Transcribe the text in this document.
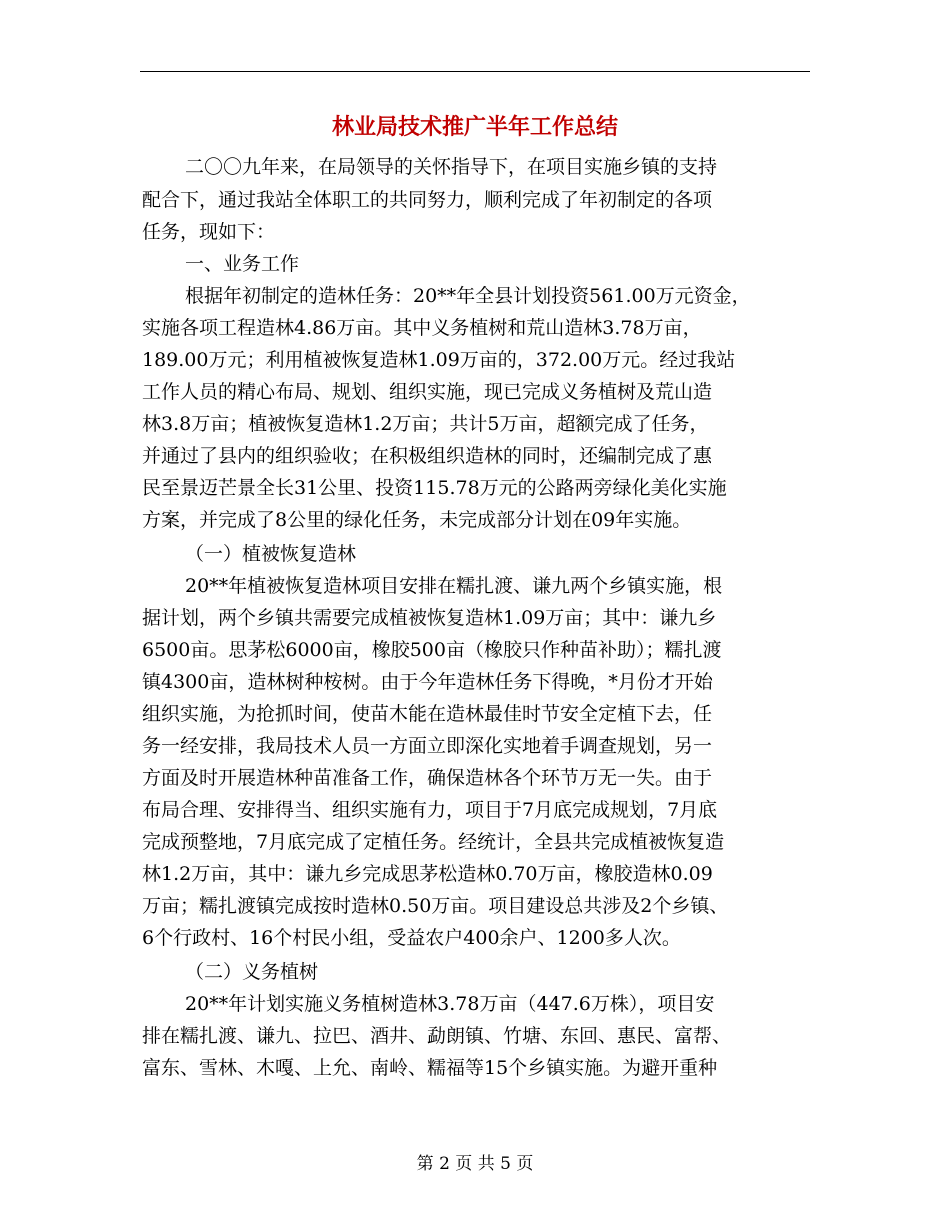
林业局技术推广半年工作总结

二〇〇九年来，在局领导的关怀指导下，在项目实施乡镇的支持

配合下，通过我站全体职工的共同努力，顺利完成了年初制定的各项

任务，现如下：

一、业务工作

根据年初制定的造林任务：20**年全县计划投资561.00万元资金，

实施各项工程造林4.86万亩。其中义务植树和荒山造林3.78万亩，

189.00万元；利用植被恢复造林1.09万亩的，372.00万元。经过我站

工作人员的精心布局、规划、组织实施，现已完成义务植树及荒山造

林3.8万亩；植被恢复造林1.2万亩；共计5万亩，超额完成了任务，

并通过了县内的组织验收；在积极组织造林的同时，还编制完成了惠

民至景迈芒景全长31公里、投资115.78万元的公路两旁绿化美化实施

方案，并完成了8公里的绿化任务，未完成部分计划在09年实施。

（一）植被恢复造林

20**年植被恢复造林项目安排在糯扎渡、谦九两个乡镇实施，根

据计划，两个乡镇共需要完成植被恢复造林1.09万亩；其中：谦九乡

6500亩。思茅松6000亩，橡胶500亩（橡胶只作种苗补助）；糯扎渡

镇4300亩，造林树种桉树。由于今年造林任务下得晚，*月份才开始

组织实施，为抢抓时间，使苗木能在造林最佳时节安全定植下去，任

务一经安排，我局技术人员一方面立即深化实地着手调查规划，另一

方面及时开展造林种苗准备工作，确保造林各个环节万无一失。由于

布局合理、安排得当、组织实施有力，项目于7月底完成规划，7月底

完成预整地，7月底完成了定植任务。经统计，全县共完成植被恢复造

林1.2万亩，其中：谦九乡完成思茅松造林0.70万亩，橡胶造林0.09

万亩；糯扎渡镇完成按时造林0.50万亩。项目建设总共涉及2个乡镇、

6个行政村、16个村民小组，受益农户400余户、1200多人次。

（二）义务植树

20**年计划实施义务植树造林3.78万亩（447.6万株），项目安

排在糯扎渡、谦九、拉巴、酒井、勐朗镇、竹塘、东回、惠民、富帮、

富东、雪林、木嘎、上允、南岭、糯福等15个乡镇实施。为避开重种

第 2 页 共 5 页
